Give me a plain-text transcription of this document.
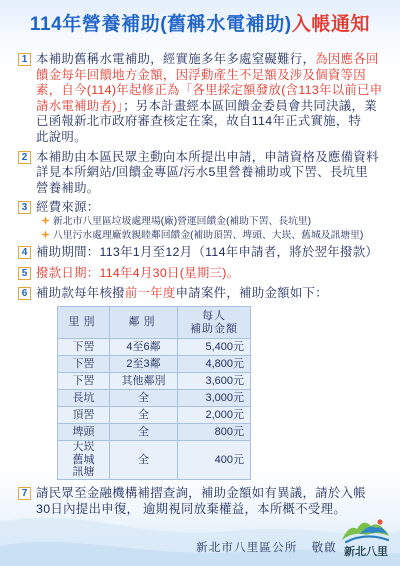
114年營養補助(舊稱水電補助)入帳通知
1 本補助舊稱水電補助，經實施多年多處窒礙難行，為因應各回
饋金每年回饋地方金額，因浮動產生不足額及涉及個資等因
素，自今(114)年起修正為「各里採定額發放(含113年以前已申
請水電補助者)」；另本計畫經本區回饋金委員會共同決議，業
已函報新北市政府審查核定在案，故自114年正式實施，特
此說明。
2 本補助由本區民眾主動向本所提出申請，申請資格及應備資料
詳見本所網站/回饋金專區/污水5里營養補助或下罟、長坑里
營養補助。
3 經費來源：
新北市八里區垃圾處理場(廠)營運回饋金(補助下罟、長坑里)
八里污水處理廠敦親睦鄰回饋金(補助頂罟、埤頭、大崁、舊城及訊塘里)
4 補助期間：113年1月至12月（114年申請者，將於翌年撥款）
5 撥款日期：114年4月30日(星期三)。
6 補助款每年核撥前一年度申請案件，補助金額如下：
里別	鄰別	每人
補助金額

下罟	4至6鄰	5,400元
下罟	2至3鄰	4,800元
下罟	其他鄰別	3,600元
長坑	全	3,000元
頂罟	全	2,000元
埤頭	全	800元

大崁
舊城
訊塘	全	400元
7 請民眾至金融機構補摺查詢，補助金額如有異議，請於入帳
30日內提出申復， 逾期視同放棄權益，本所概不受理。
新北市八里區公所 敬啟 新北八里
